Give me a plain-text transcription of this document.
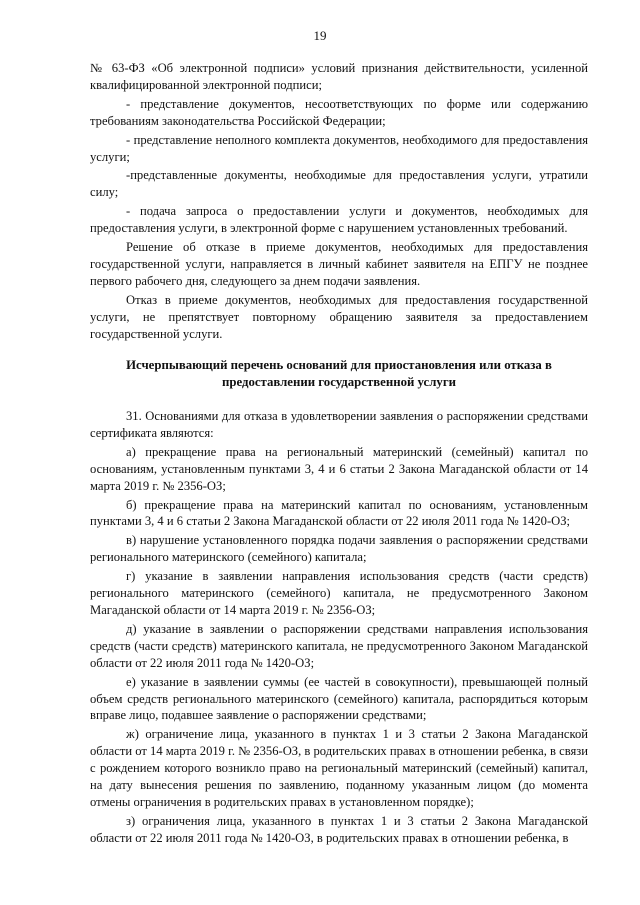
19

№ 63-ФЗ «Об электронной подписи» условий признания действительности, усиленной квалифицированной электронной подписи;

- представление документов, несоответствующих по форме или содержанию требованиям законодательства Российской Федерации;

- представление неполного комплекта документов, необходимого для предоставления услуги;

-представленные документы, необходимые для предоставления услуги, утратили силу;

- подача запроса о предоставлении услуги и документов, необходимых для предоставления услуги, в электронной форме с нарушением установленных требований.

Решение об отказе в приеме документов, необходимых для предоставления государственной услуги, направляется в личный кабинет заявителя на ЕПГУ не позднее первого рабочего дня, следующего за днем подачи заявления.

Отказ в приеме документов, необходимых для предоставления государственной услуги, не препятствует повторному обращению заявителя за предоставлением государственной услуги.

Исчерпывающий перечень оснований для приостановления или отказа в предоставлении государственной услуги

31. Основаниями для отказа в удовлетворении заявления о распоряжении средствами сертификата являются:

а) прекращение права на региональный материнский (семейный) капитал по основаниям, установленным пунктами 3, 4 и 6 статьи 2 Закона Магаданской области от 14 марта 2019 г. № 2356-ОЗ;

б) прекращение права на материнский капитал по основаниям, установленным пунктами 3, 4 и 6 статьи 2 Закона Магаданской области от 22 июля 2011 года № 1420-ОЗ;

в) нарушение установленного порядка подачи заявления о распоряжении средствами регионального материнского (семейного) капитала;

г) указание в заявлении направления использования средств (части средств) регионального материнского (семейного) капитала, не предусмотренного Законом Магаданской области от 14 марта 2019 г. № 2356-ОЗ;

д) указание в заявлении о распоряжении средствами направления использования средств (части средств) материнского капитала, не предусмотренного Законом Магаданской области от 22 июля 2011 года № 1420-ОЗ;

е) указание в заявлении суммы (ее частей в совокупности), превышающей полный объем средств регионального материнского (семейного) капитала, распорядиться которым вправе лицо, подавшее заявление о распоряжении средствами;

ж) ограничение лица, указанного в пунктах 1 и 3 статьи 2 Закона Магаданской области от 14 марта 2019 г. № 2356-ОЗ, в родительских правах в отношении ребенка, в связи с рождением которого возникло право на региональный материнский (семейный) капитал, на дату вынесения решения по заявлению, поданному указанным лицом (до момента отмены ограничения в родительских правах в установленном порядке);

з) ограничения лица, указанного в пунктах 1 и 3 статьи 2 Закона Магаданской области от 22 июля 2011 года № 1420-ОЗ, в родительских правах в отношении ребенка, в
